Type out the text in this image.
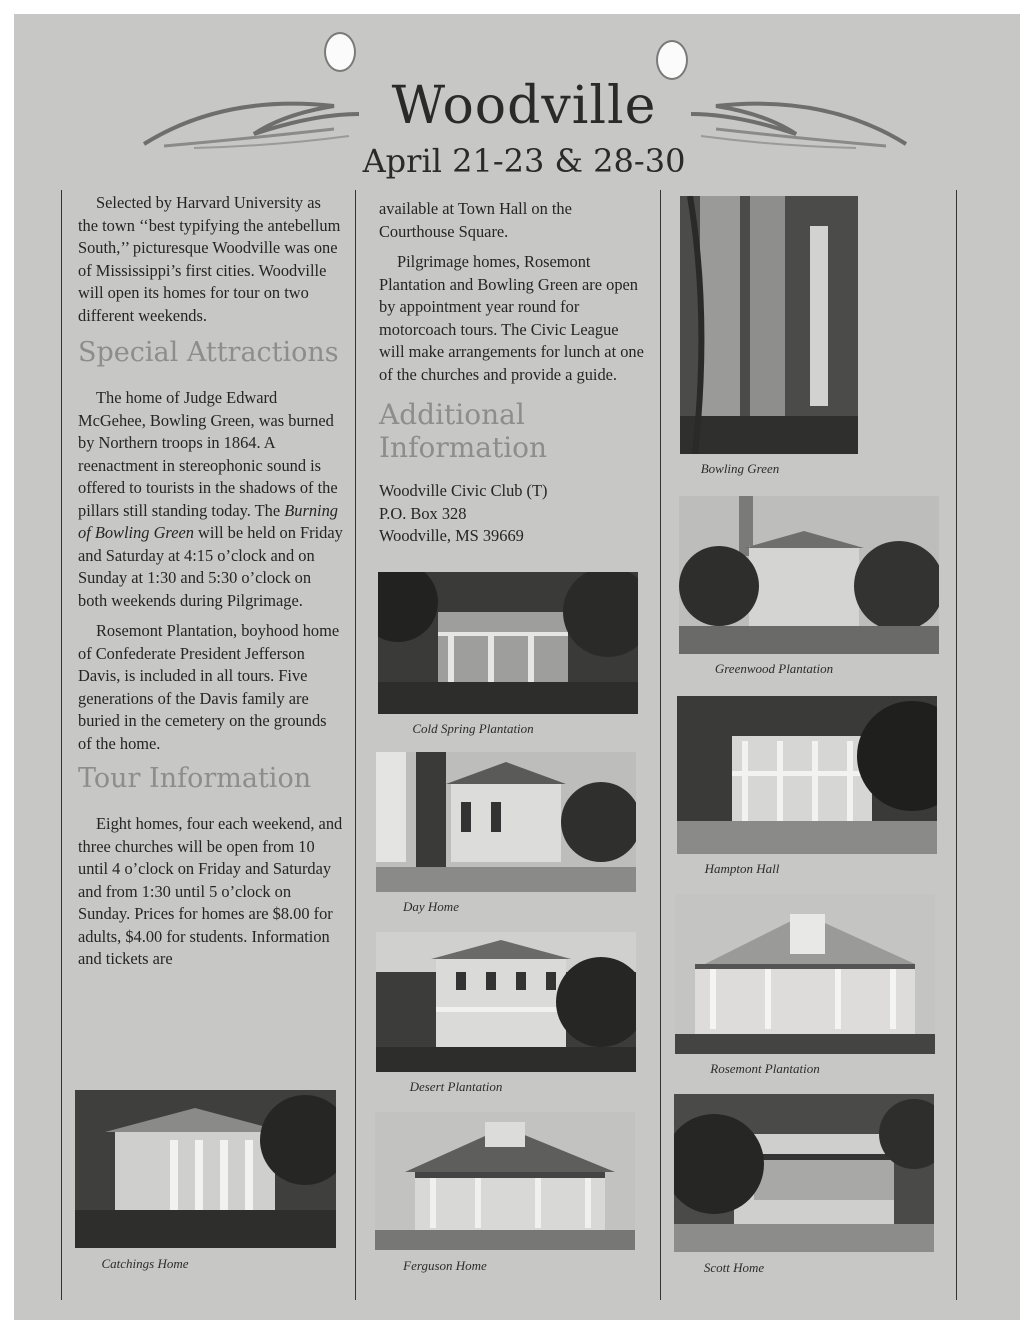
Woodville
April 21-23 & 28-30

Selected by Harvard University as the town ‘‘best typifying the antebellum South,’’ picturesque Woodville was one of Mississippi’s first cities. Woodville will open its homes for tour on two different weekends.

Special Attractions

The home of Judge Edward McGehee, Bowling Green, was burned by Northern troops in 1864. A reenactment in stereophonic sound is offered to tourists in the shadows of the pillars still standing today. The Burning of Bowling Green will be held on Friday and Saturday at 4:15 o’clock and on Sunday at 1:30 and 5:30 o’clock on both weekends during Pilgrimage.

Rosemont Plantation, boyhood home of Confederate President Jefferson Davis, is included in all tours. Five generations of the Davis family are buried in the cemetery on the grounds of the home.

Tour Information

Eight homes, four each weekend, and three churches will be open from 10 until 4 o’clock on Friday and Saturday and from 1:30 until 5 o’clock on Sunday. Prices for homes are $8.00 for adults, $4.00 for students. Information and tickets are

available at Town Hall on the Courthouse Square.

Pilgrimage homes, Rosemont Plantation and Bowling Green are open by appointment year round for motorcoach tours. The Civic League will make arrangements for lunch at one of the churches and provide a guide.

Additional
Information
Woodville Civic Club (T)
P.O. Box 328
Woodville, MS 39669
Catchings Home
Cold Spring Plantation
Day Home
Desert Plantation
Ferguson Home
Bowling Green
Greenwood Plantation
Hampton Hall
Rosemont Plantation
Scott Home
